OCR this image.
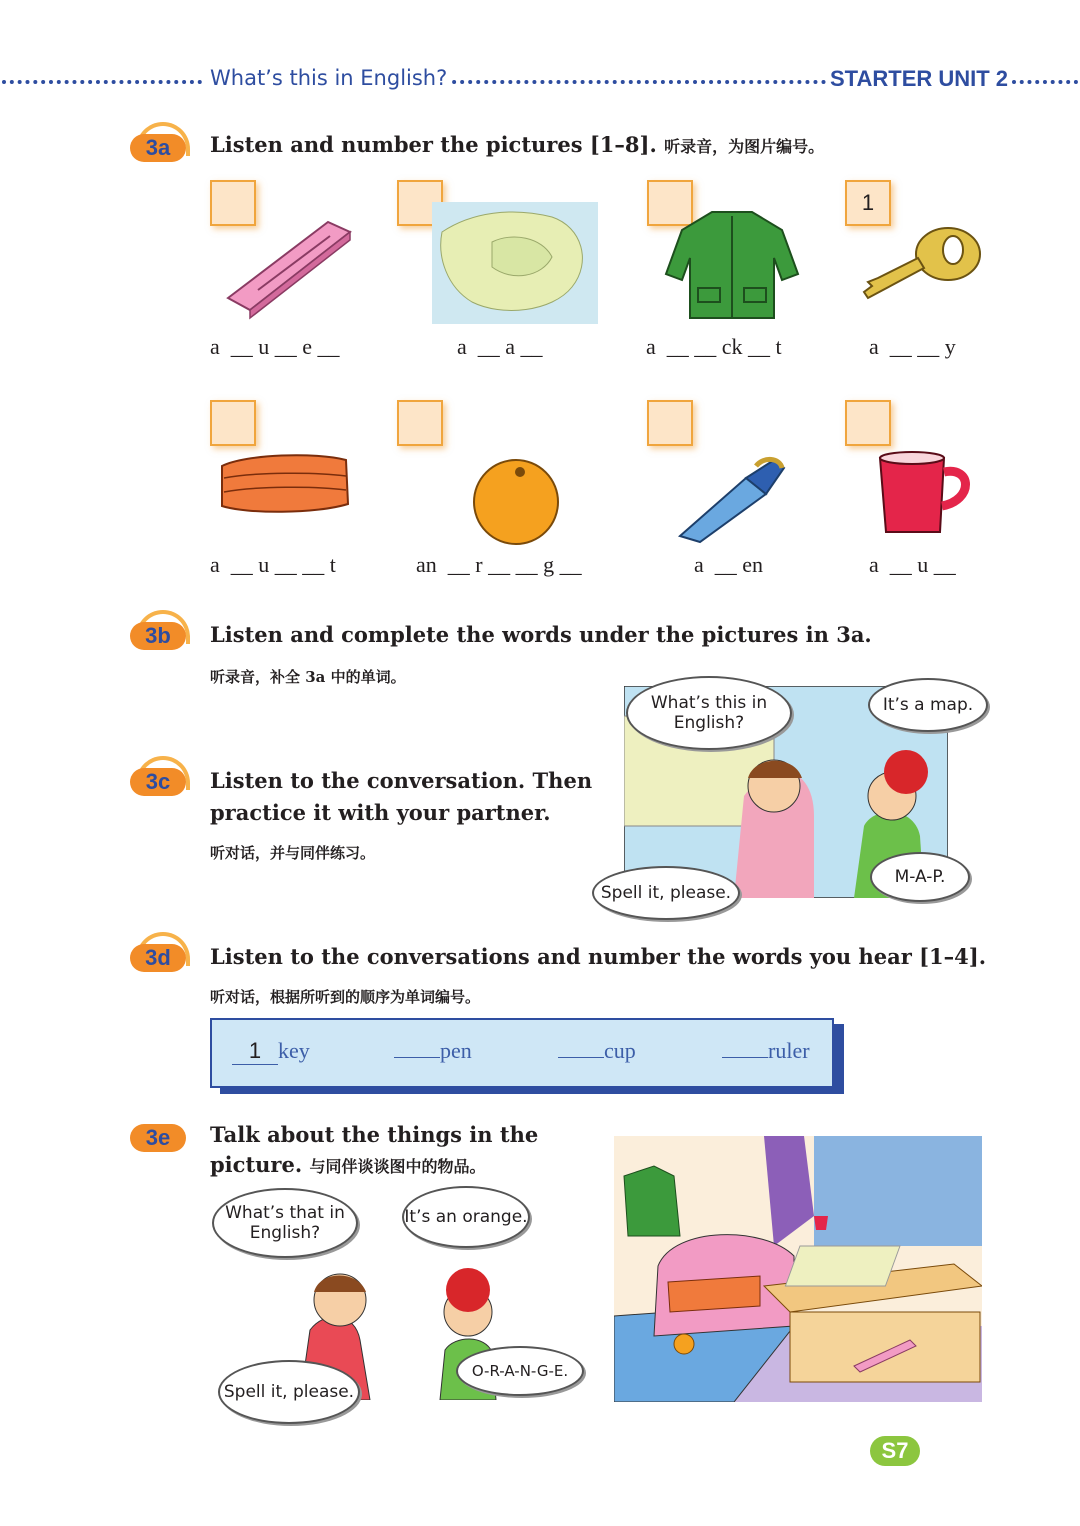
What’s this in English?	STARTER UNIT 2
3a	Listen and number the pictures [1–8]. 听录音，为图片编号。
1
a  __ u __ e __	a  __ a __	a  __ __ ck __ t	a  __ __ y
a  __ u __ __ t	an  __ r __ __ g __	a  __ en	a  __ u __
3b	Listen and complete the words under the pictures in 3a.
听录音，补全 3a 中的单词。
3c	Listen to the conversation. Then
practice it with your partner.
听对话，并与同伴练习。
What’s this in English?
It’s a map.
Spell it, please.
M-A-P.
3d	Listen to the conversations and number the words you hear [1–4].
听对话，根据所听到的顺序为单词编号。
1 key	pen	cup	ruler
3e	Talk about the things in the
picture. 与同伴谈谈图中的物品。
What’s that in English?
It’s an orange.
Spell it, please.
O-R-A-N-G-E.
S7
